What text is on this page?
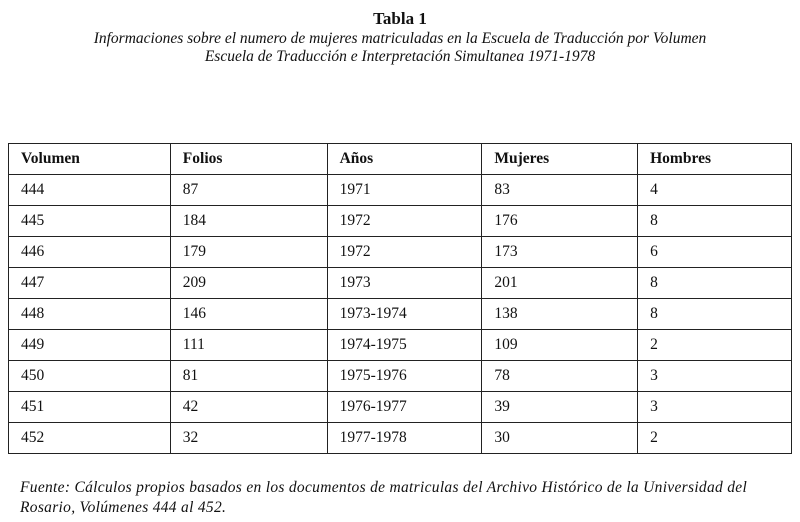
Tabla 1
Informaciones sobre el numero de mujeres matriculadas en la Escuela de Traducción por Volumen
Escuela de Traducción e Interpretación Simultanea 1971-1978
Volumen	Folios	Años	Mujeres	Hombres
444	87	1971	83	4
445	184	1972	176	8
446	179	1972	173	6
447	209	1973	201	8
448	146	1973-1974	138	8
449	111	1974-1975	109	2
450	81	1975-1976	78	3
451	42	1976-1977	39	3
452	32	1977-1978	30	2
Fuente: Cálculos propios basados en los documentos de matriculas del Archivo Histórico de la Universidad del Rosario, Volúmenes 444 al 452.
